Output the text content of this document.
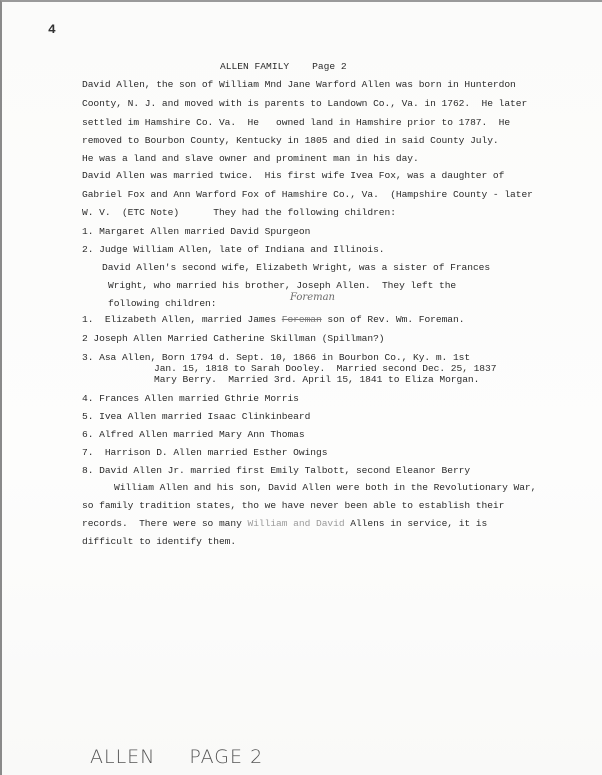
4
ALLEN FAMILY    Page 2
David Allen, the son of William Mnd Jane Warford Allen was born in Hunterdon
Coonty, N. J. and moved with is parents to Landown Co., Va. in 1762.  He later
settled im Hamshire Co. Va.  He   owned land in Hamshire prior to 1787.  He
removed to Bourbon County, Kentucky in 1805 and died in said County July.
He was a land and slave owner and prominent man in his day.
David Allen was married twice.  His first wife Ivea Fox, was a daughter of
Gabriel Fox and Ann Warford Fox of Hamshire Co., Va.  (Hampshire County - later
W. V.  (ETC Note)      They had the following children:
1. Margaret Allen married David Spurgeon
2. Judge William Allen, late of Indiana and Illinois.
David Allen's second wife, Elizabeth Wright, was a sister of Frances
Wright, who married his brother, Joseph Allen.  They left the
following children:
Foreman
1.  Elizabeth Allen, married James Foreman son of Rev. Wm. Foreman.
2 Joseph Allen Married Catherine Skillman (Spillman?)
3. Asa Allen, Born 1794 d. Sept. 10, 1866 in Bourbon Co., Ky. m. 1st
Jan. 15, 1818 to Sarah Dooley.  Married second Dec. 25, 1837
Mary Berry.  Married 3rd. April 15, 1841 to Eliza Morgan.
4. Frances Allen married Gthrie Morris
5. Ivea Allen married Isaac Clinkinbeard
6. Alfred Allen married Mary Ann Thomas
7.  Harrison D. Allen married Esther Owings
8. David Allen Jr. married first Emily Talbott, second Eleanor Berry
William Allen and his son, David Allen were both in the Revolutionary War,
so family tradition states, tho we have never been able to establish their
records.  There were so many William and David Allens in service, it is
difficult to identify them.
ALLEN PAGE 2
